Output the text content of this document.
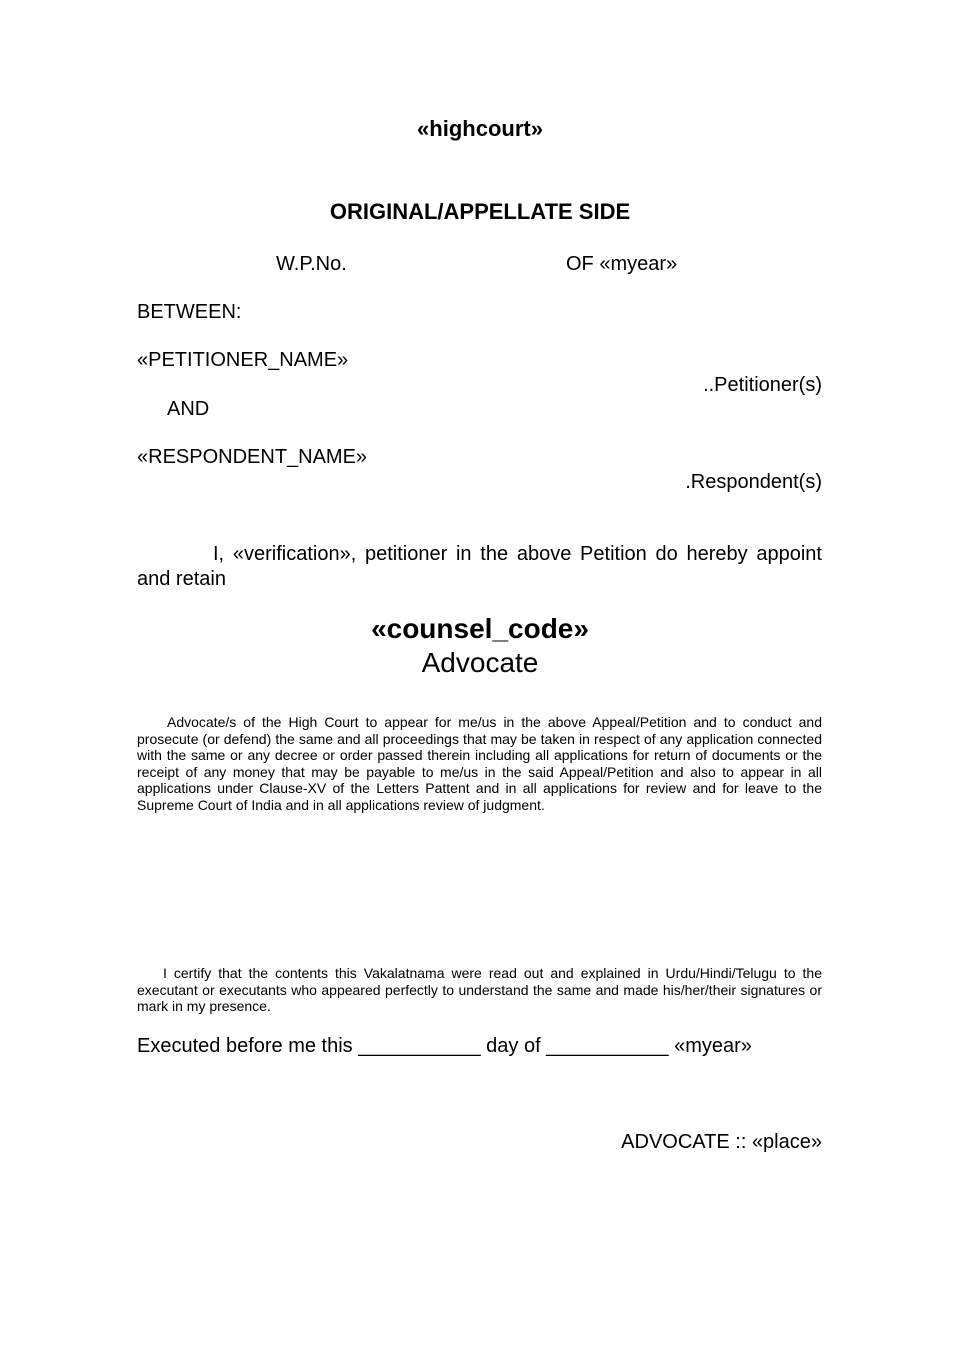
«highcourt»
ORIGINAL/APPELLATE SIDE
W.P.No.	OF «myear»
BETWEEN:
«PETITIONER_NAME»
..Petitioner(s)
AND
«RESPONDENT_NAME»
.Respondent(s)
I, «verification», petitioner in the above Petition do hereby appoint and retain
«counsel_code»
Advocate
Advocate/s of the High Court to appear for me/us in the above Appeal/Petition and to conduct and prosecute (or defend) the same and all proceedings that may be taken in respect of any application connected with the same or any decree or order passed therein including all applications for return of documents or the receipt of any money that may be payable to me/us in the said Appeal/Petition and also to appear in all applications under Clause-XV of the Letters Pattent and in all applications for review and for leave to the Supreme Court of India and in all applications review of judgment.
I certify that the contents this Vakalatnama were read out and explained in Urdu/Hindi/Telugu to the executant or executants who appeared perfectly to understand the same and made his/her/their signatures or mark in my presence.
Executed before me this ___________ day of ___________ «myear»
ADVOCATE :: «place»
